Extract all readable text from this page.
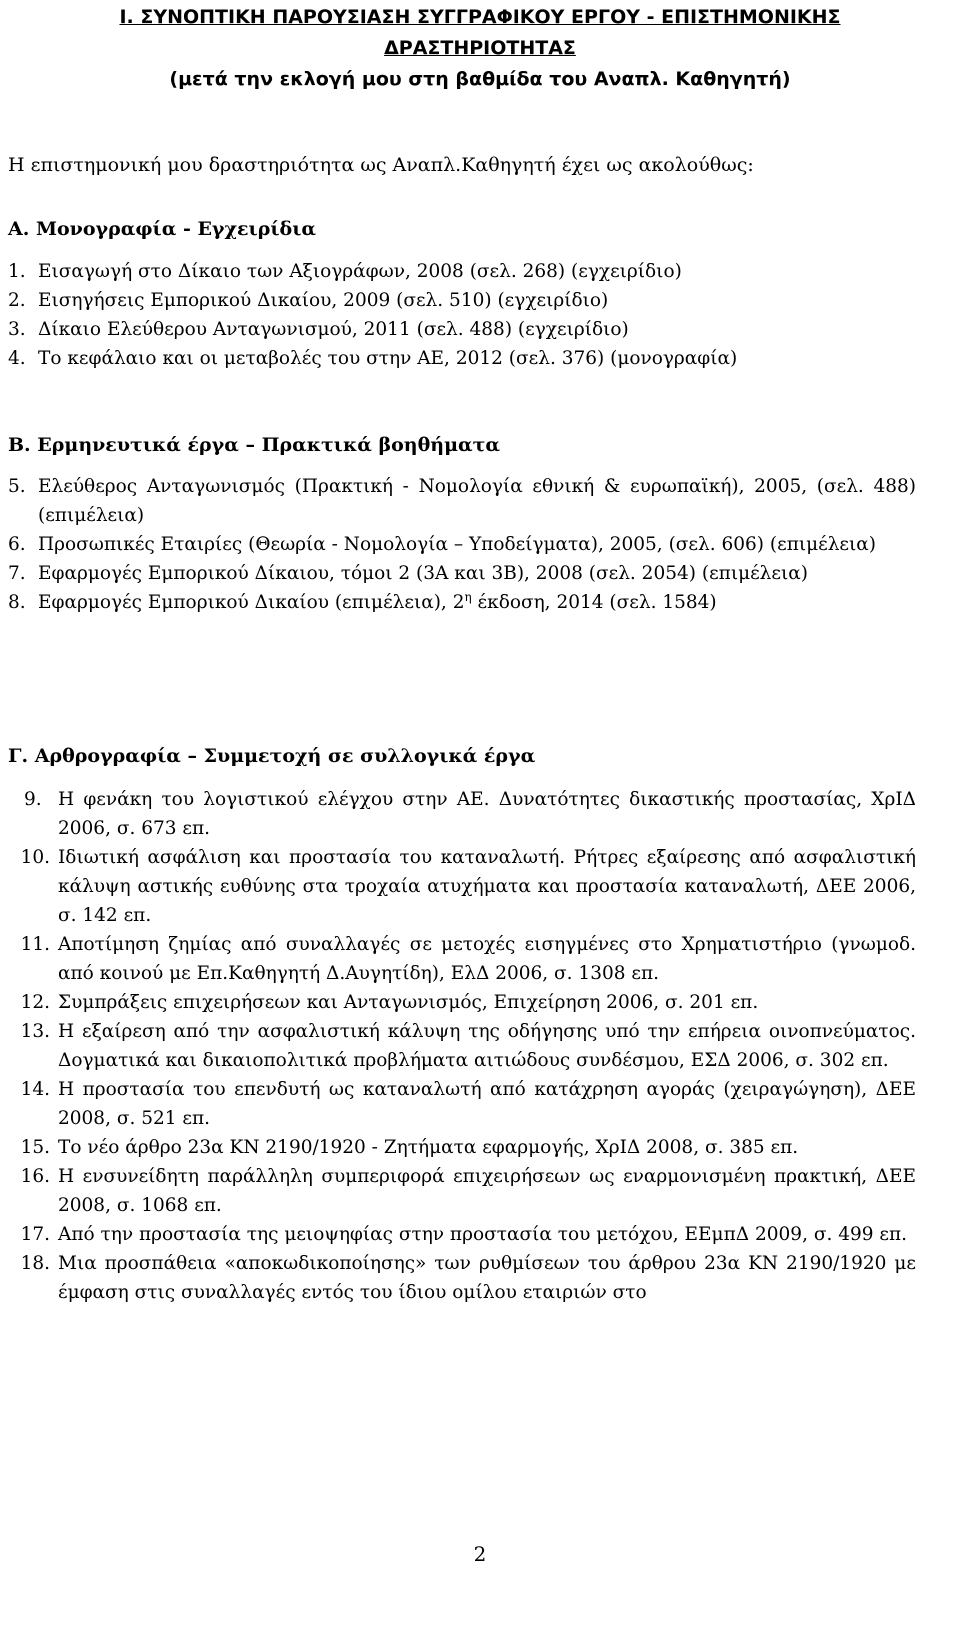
Ι. ΣΥΝΟΠΤΙΚΗ ΠΑΡΟΥΣΙΑΣΗ ΣΥΓΓΡΑΦΙΚΟΥ ΕΡΓΟΥ - ΕΠΙΣΤΗΜΟΝΙΚΗΣ
ΔΡΑΣΤΗΡΙΟΤΗΤΑΣ
(μετά την εκλογή μου στη βαθμίδα του Αναπλ. Καθηγητή)
Η επιστημονική μου δραστηριότητα ως Αναπλ.Καθηγητή έχει ως ακολούθως:
Α. Μονογραφία - Εγχειρίδια
1. Εισαγωγή στο Δίκαιο των Αξιογράφων, 2008 (σελ. 268) (εγχειρίδιο)
2. Εισηγήσεις Εμπορικού Δικαίου, 2009 (σελ. 510) (εγχειρίδιο)
3. Δίκαιο Ελεύθερου Ανταγωνισμού, 2011 (σελ. 488) (εγχειρίδιο)
4. Το κεφάλαιο και οι μεταβολές του στην ΑΕ, 2012 (σελ. 376) (μονογραφία)
Β. Ερμηνευτικά έργα – Πρακτικά βοηθήματα
5. Ελεύθερος Ανταγωνισμός (Πρακτική - Νομολογία εθνική & ευρωπαϊκή), 2005, (σελ. 488) (επιμέλεια)
6. Προσωπικές Εταιρίες (Θεωρία - Νομολογία – Υποδείγματα), 2005, (σελ. 606) (επιμέλεια)
7. Εφαρμογές Εμπορικού Δίκαιου, τόμοι 2 (3Α και 3Β), 2008 (σελ. 2054) (επιμέλεια)
8. Εφαρμογές Εμπορικού Δικαίου (επιμέλεια), $2^\eta$ έκδοση, 2014 (σελ. 1584)
Γ. Αρθρογραφία – Συμμετοχή σε συλλογικά έργα
9. Η φενάκη του λογιστικού ελέγχου στην ΑΕ. Δυνατότητες δικαστικής προστασίας, ΧρΙΔ 2006, σ. 673 επ.
10. Ιδιωτική ασφάλιση και προστασία του καταναλωτή. Ρήτρες εξαίρεσης από ασφαλιστική κάλυψη αστικής ευθύνης στα τροχαία ατυχήματα και προστασία καταναλωτή, ΔΕΕ 2006, σ. 142 επ.
11. Αποτίμηση ζημίας από συναλλαγές σε μετοχές εισηγμένες στο Χρηματιστήριο (γνωμοδ. από κοινού με Επ.Καθηγητή Δ.Αυγητίδη), ΕλΔ 2006, σ. 1308 επ.
12. Συμπράξεις επιχειρήσεων και Ανταγωνισμός, Επιχείρηση 2006, σ. 201 επ.
13. Η εξαίρεση από την ασφαλιστική κάλυψη της οδήγησης υπό την επήρεια οινοπνεύματος. Δογματικά και δικαιοπολιτικά προβλήματα αιτιώδους συνδέσμου, ΕΣΔ 2006, σ. 302 επ.
14. Η προστασία του επενδυτή ως καταναλωτή από κατάχρηση αγοράς (χειραγώγηση), ΔΕΕ 2008, σ. 521 επ.
15. Το νέο άρθρο 23α ΚΝ 2190/1920 - Ζητήματα εφαρμογής, ΧρΙΔ 2008, σ. 385 επ.
16. Η ενσυνείδητη παράλληλη συμπεριφορά επιχειρήσεων ως εναρμονισμένη πρακτική, ΔΕΕ 2008, σ. 1068 επ.
17. Από την προστασία της μειοψηφίας στην προστασία του μετόχου, ΕΕμπΔ 2009, σ. 499 επ.
18. Μια προσπάθεια «αποκωδικοποίησης» των ρυθμίσεων του άρθρου 23α ΚΝ 2190/1920 με έμφαση στις συναλλαγές εντός του ίδιου ομίλου εταιριών στο
2
